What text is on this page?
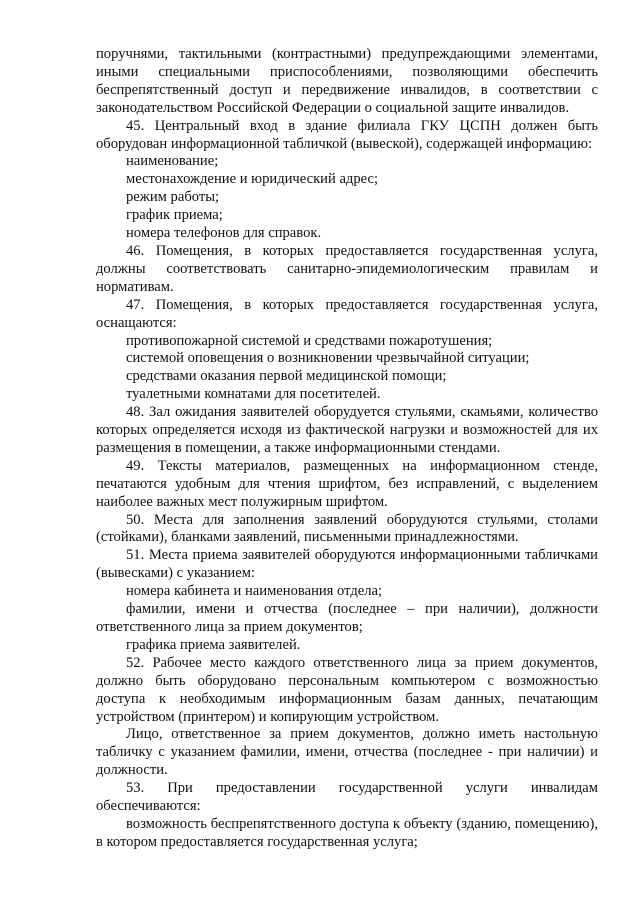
поручнями, тактильными (контрастными) предупреждающими элементами, иными специальными приспособлениями, позволяющими обеспечить беспрепятственный доступ и передвижение инвалидов, в соответствии с законодательством Российской Федерации о социальной защите инвалидов.

45. Центральный вход в здание филиала ГКУ ЦСПН должен быть оборудован информационной табличкой (вывеской), содержащей информацию:

наименование;

местонахождение и юридический адрес;

режим работы;

график приема;

номера телефонов для справок.

46. Помещения, в которых предоставляется государственная услуга, должны соответствовать санитарно-эпидемиологическим правилам и нормативам.

47. Помещения, в которых предоставляется государственная услуга, оснащаются:

противопожарной системой и средствами пожаротушения;

системой оповещения о возникновении чрезвычайной ситуации;

средствами оказания первой медицинской помощи;

туалетными комнатами для посетителей.

48. Зал ожидания заявителей оборудуется стульями, скамьями, количество которых определяется исходя из фактической нагрузки и возможностей для их размещения в помещении, а также информационными стендами.

49. Тексты материалов, размещенных на информационном стенде, печатаются удобным для чтения шрифтом, без исправлений, с выделением наиболее важных мест полужирным шрифтом.

50. Места для заполнения заявлений оборудуются стульями, столами (стойками), бланками заявлений, письменными принадлежностями.

51. Места приема заявителей оборудуются информационными табличками (вывесками) с указанием:

номера кабинета и наименования отдела;

фамилии, имени и отчества (последнее – при наличии), должности ответственного лица за прием документов;

графика приема заявителей.

52. Рабочее место каждого ответственного лица за прием документов, должно быть оборудовано персональным компьютером с возможностью доступа к необходимым информационным базам данных, печатающим устройством (принтером) и копирующим устройством.

Лицо, ответственное за прием документов, должно иметь настольную табличку с указанием фамилии, имени, отчества (последнее - при наличии) и должности.

53. При предоставлении государственной услуги инвалидам обеспечиваются:

возможность беспрепятственного доступа к объекту (зданию, помещению), в котором предоставляется государственная услуга;
